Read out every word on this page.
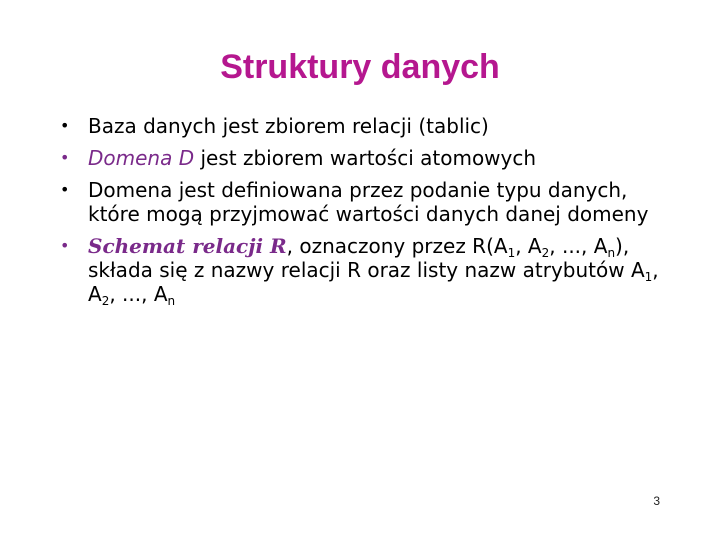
Struktury danych
• Baza danych jest zbiorem relacji (tablic)
• Domena D jest zbiorem wartości atomowych
• Domena jest definiowana przez podanie typu danych, które mogą przyjmować wartości danych danej domeny
• Schemat relacji R, oznaczony przez $R(A_1$, $A_2$, ..., $A_n$), składa się z nazwy relacji R oraz listy nazw atrybutów $A_1$, $A_2$, ..., $A_n$
3
